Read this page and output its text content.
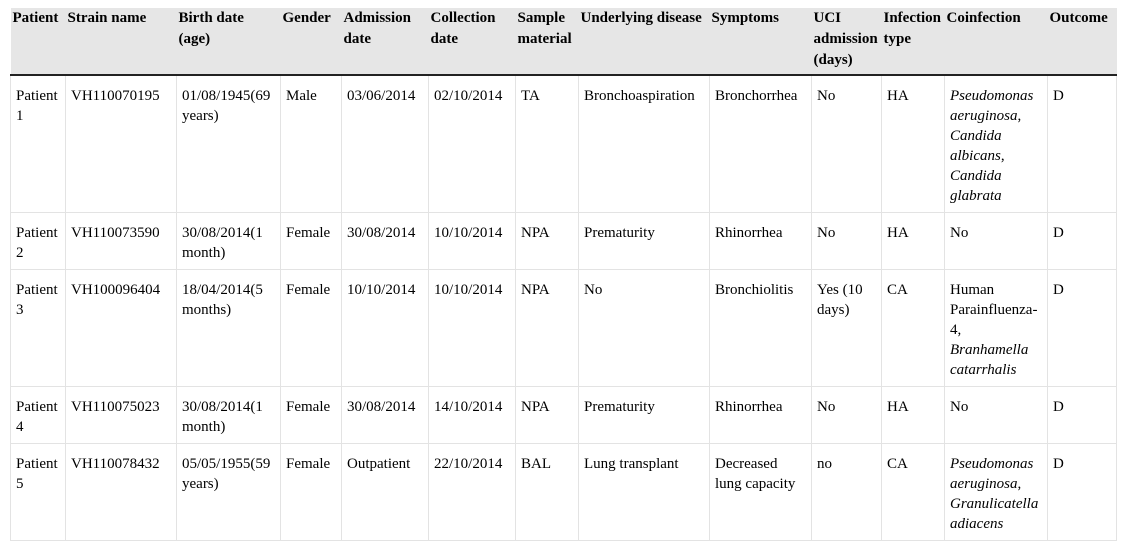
Patient	Strain name	Birth date (age)	Gender	Admission date	Collection date	Sample material	Underlying disease	Symptoms	UCI admission (days)	Infection type	Coinfection	Outcome
Patient 1	VH110070195	01/08/1945(69 years)	Male	03/06/2014	02/10/2014	TA	Bronchoaspiration	Bronchorrhea	No	HA	Pseudomonas aeruginosa, Candida albicans, Candida glabrata	D
Patient 2	VH110073590	30/08/2014(1 month)	Female	30/08/2014	10/10/2014	NPA	Prematurity	Rhinorrhea	No	HA	No	D
Patient 3	VH100096404	18/04/2014(5 months)	Female	10/10/2014	10/10/2014	NPA	No	Bronchiolitis	Yes (10 days)	CA	Human Parainfluenza-4, Branhamella catarrhalis	D
Patient 4	VH110075023	30/08/2014(1 month)	Female	30/08/2014	14/10/2014	NPA	Prematurity	Rhinorrhea	No	HA	No	D
Patient 5	VH110078432	05/05/1955(59 years)	Female	Outpatient	22/10/2014	BAL	Lung transplant	Decreased lung capacity	no	CA	Pseudomonas aeruginosa, Granulicatella adiacens	D
